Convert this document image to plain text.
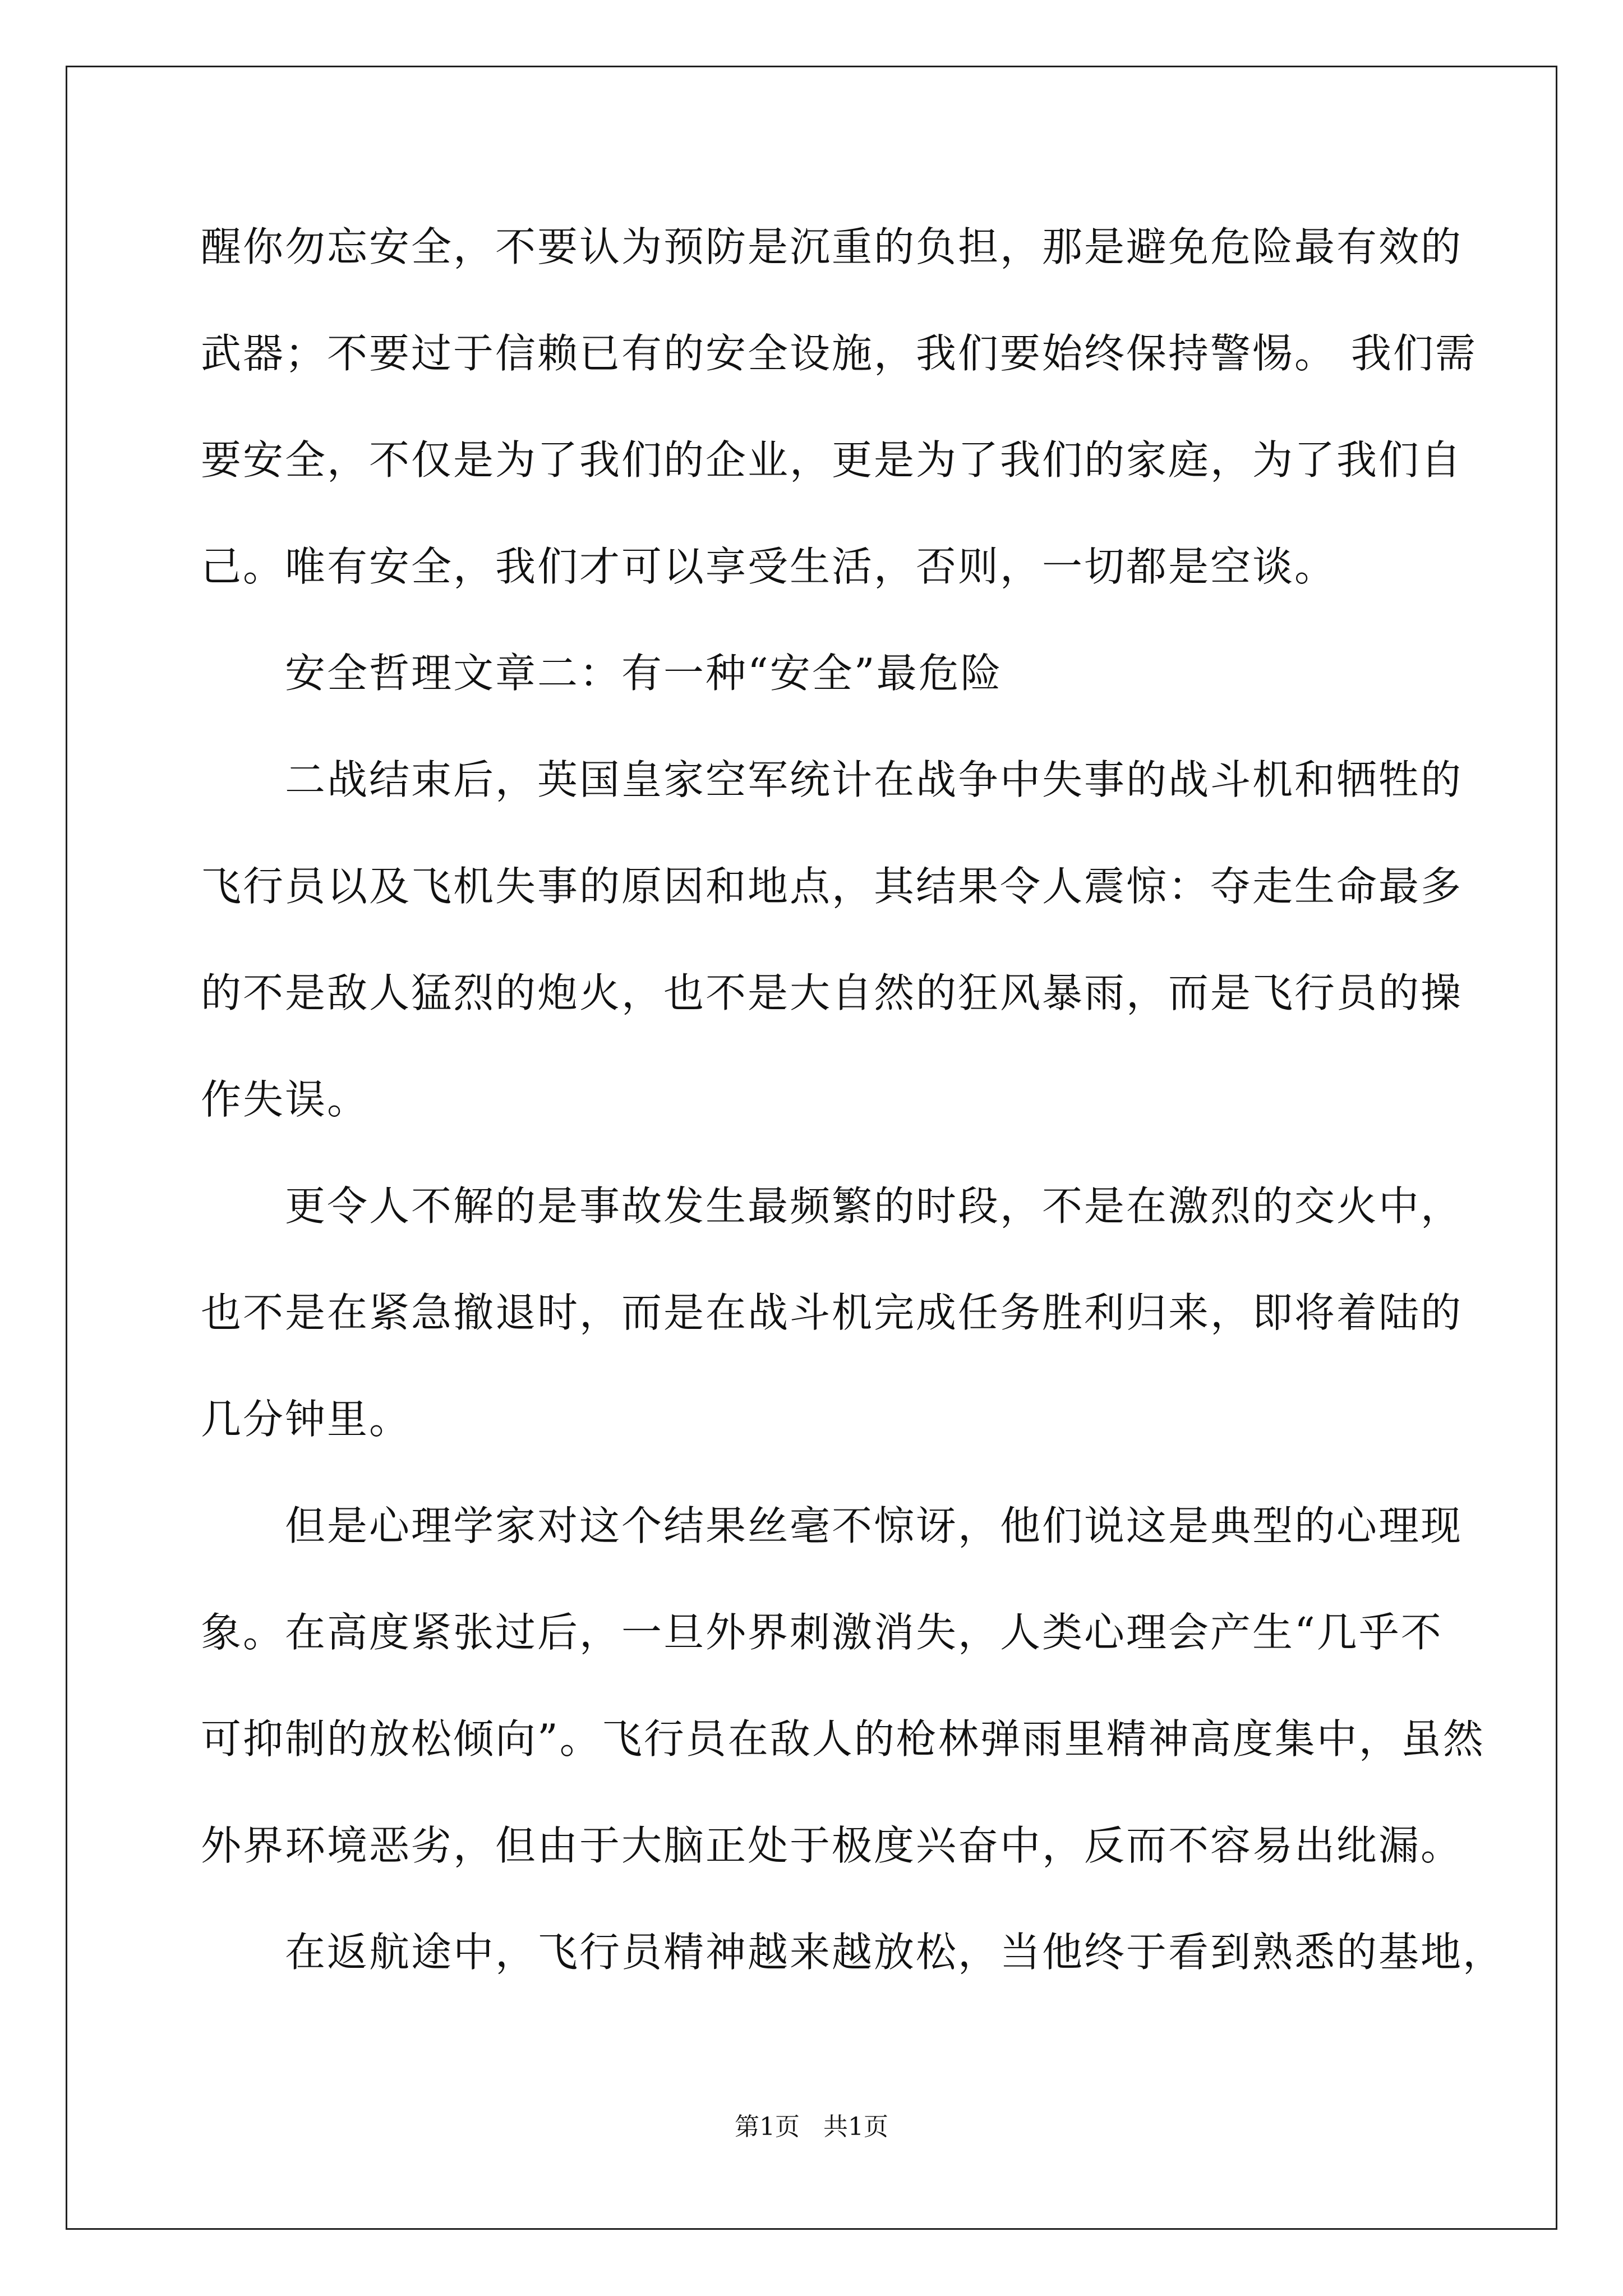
醒你勿忘安全，不要认为预防是沉重的负担，那是避免危险最有效的
武器；不要过于信赖已有的安全设施，我们要始终保持警惕。 我们需
要安全，不仅是为了我们的企业，更是为了我们的家庭，为了我们自
己。唯有安全，我们才可以享受生活，否则，一切都是空谈。
安全哲理文章二：有一种“安全”最危险
二战结束后，英国皇家空军统计在战争中失事的战斗机和牺牲的
飞行员以及飞机失事的原因和地点，其结果令人震惊：夺走生命最多
的不是敌人猛烈的炮火，也不是大自然的狂风暴雨，而是飞行员的操
作失误。
更令人不解的是事故发生最频繁的时段，不是在激烈的交火中，
也不是在紧急撤退时，而是在战斗机完成任务胜利归来，即将着陆的
几分钟里。
但是心理学家对这个结果丝毫不惊讶，他们说这是典型的心理现
象。在高度紧张过后，一旦外界刺激消失，人类心理会产生“几乎不
可抑制的放松倾向”。飞行员在敌人的枪林弹雨里精神高度集中，虽然
外界环境恶劣，但由于大脑正处于极度兴奋中，反而不容易出纰漏。
在返航途中，飞行员精神越来越放松，当他终于看到熟悉的基地，
第1页   共1页
